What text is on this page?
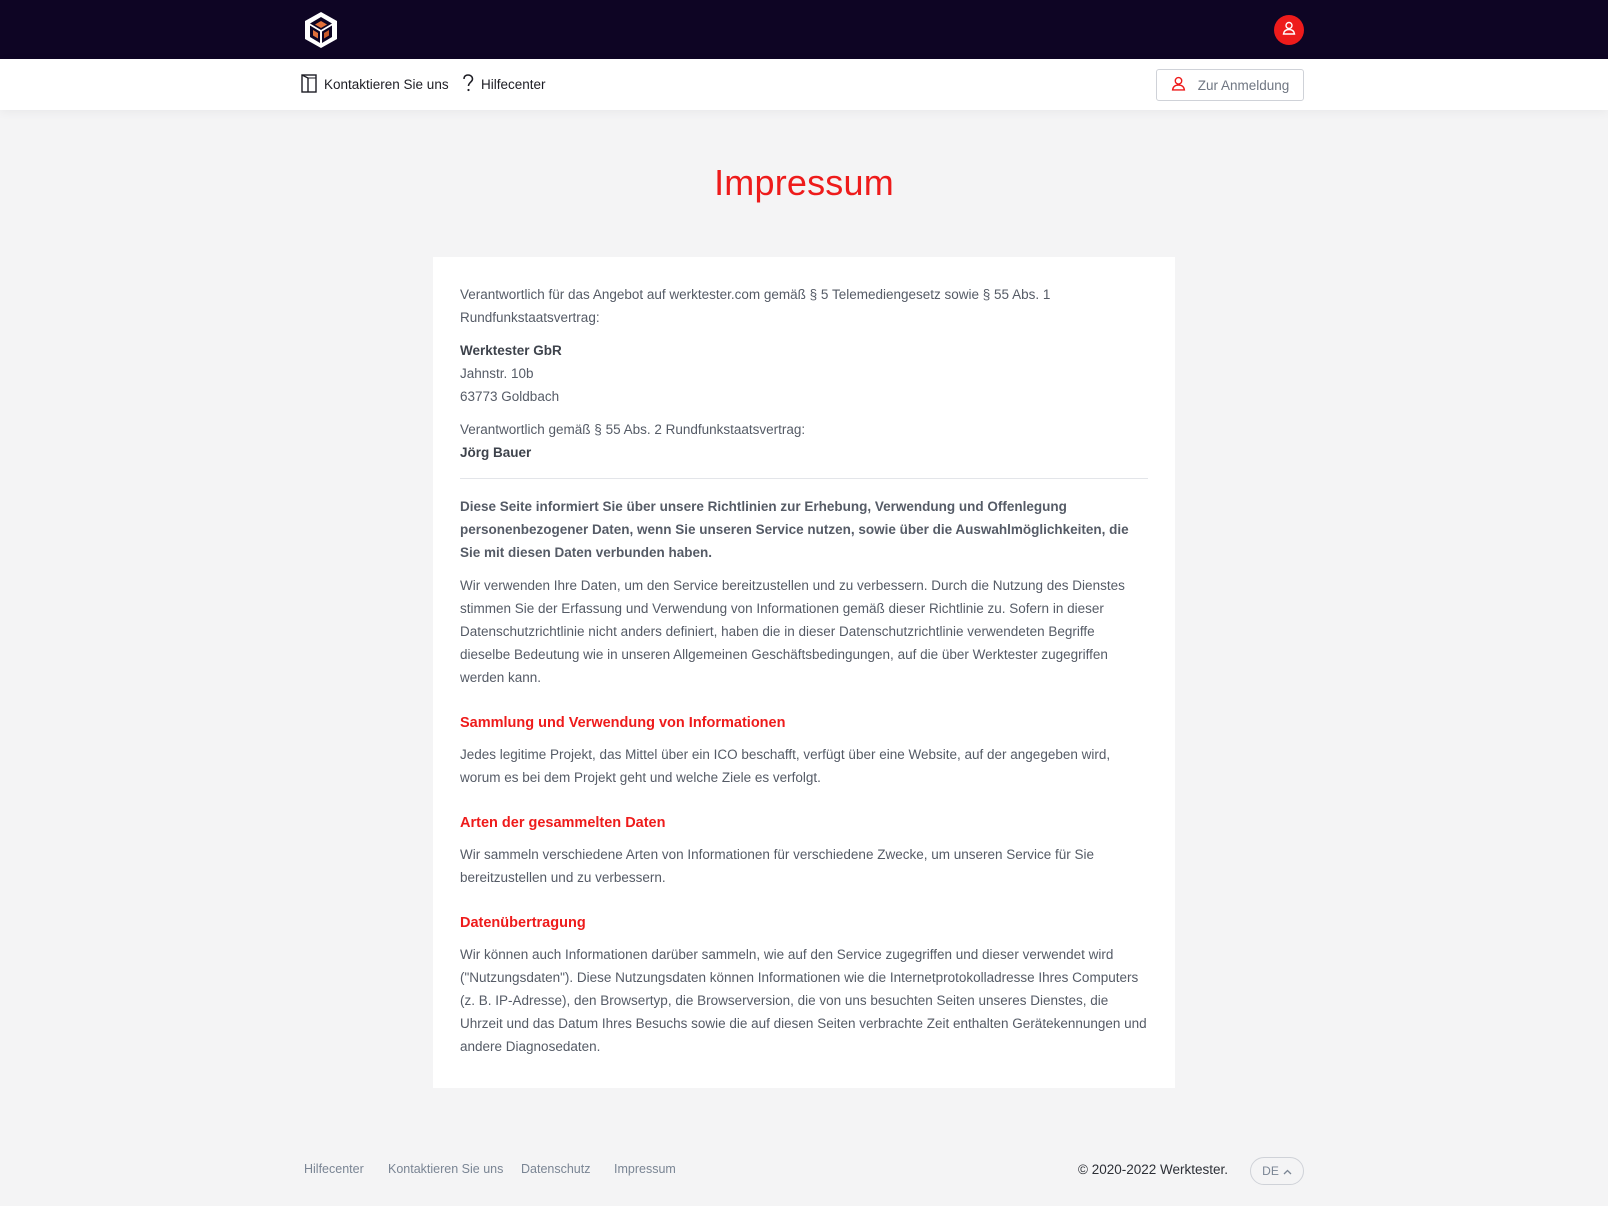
Kontaktieren Sie uns Hilfecenter	Zur Anmeldung
Impressum

Verantwortlich für das Angebot auf werktester.com gemäß § 5 Telemediengesetz sowie § 55 Abs. 1 Rundfunkstaatsvertrag:

Werktester GbR
Jahnstr. 10b
63773 Goldbach

Verantwortlich gemäß § 55 Abs. 2 Rundfunkstaatsvertrag:
Jörg Bauer

Diese Seite informiert Sie über unsere Richtlinien zur Erhebung, Verwendung und Offenlegung personenbezogener Daten, wenn Sie unseren Service nutzen, sowie über die Auswahlmöglichkeiten, die Sie mit diesen Daten verbunden haben.

Wir verwenden Ihre Daten, um den Service bereitzustellen und zu verbessern. Durch die Nutzung des Dienstes stimmen Sie der Erfassung und Verwendung von Informationen gemäß dieser Richtlinie zu. Sofern in dieser Datenschutzrichtlinie nicht anders definiert, haben die in dieser Datenschutzrichtlinie verwendeten Begriffe dieselbe Bedeutung wie in unseren Allgemeinen Geschäftsbedingungen, auf die über Werktester zugegriffen werden kann.

Sammlung und Verwendung von Informationen

Jedes legitime Projekt, das Mittel über ein ICO beschafft, verfügt über eine Website, auf der angegeben wird, worum es bei dem Projekt geht und welche Ziele es verfolgt.

Arten der gesammelten Daten

Wir sammeln verschiedene Arten von Informationen für verschiedene Zwecke, um unseren Service für Sie bereitzustellen und zu verbessern.

Datenübertragung

Wir können auch Informationen darüber sammeln, wie auf den Service zugegriffen und dieser verwendet wird ("Nutzungsdaten"). Diese Nutzungsdaten können Informationen wie die Internetprotokolladresse Ihres Computers (z. B. IP-Adresse), den Browsertyp, die Browserversion, die von uns besuchten Seiten unseres Dienstes, die Uhrzeit und das Datum Ihres Besuchs sowie die auf diesen Seiten verbrachte Zeit enthalten Gerätekennungen und andere Diagnosedaten.

Hilfecenter Kontaktieren Sie uns Datenschutz Impressum	© 2020-2022 Werktester.	DE
